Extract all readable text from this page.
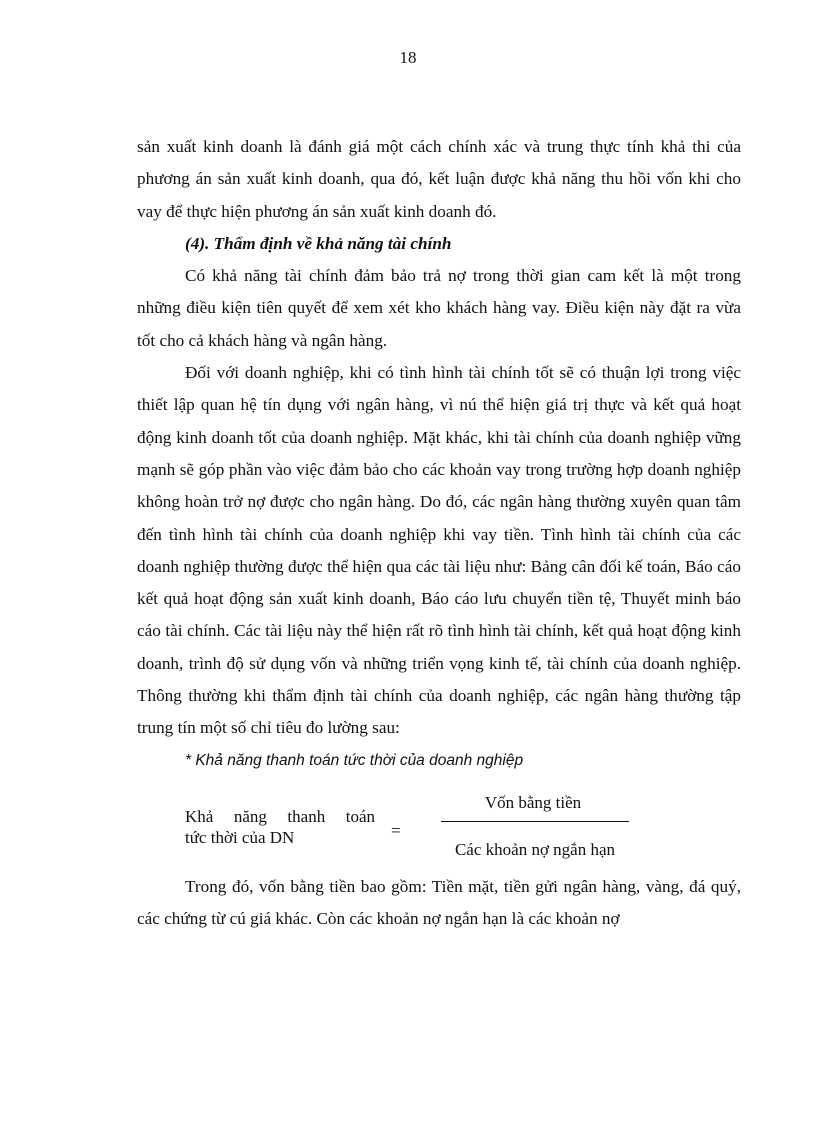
18

sản xuất kinh doanh là đánh giá một cách chính xác và trung thực tính khả thi của phương án sản xuất kinh doanh, qua đó, kết luận được khả năng thu hồi vốn khi cho vay để thực hiện phương án sản xuất kinh doanh đó.

(4). Thẩm định về khả năng tài chính

Có khả năng tài chính đảm bảo trả nợ trong thời gian cam kết là một trong những điều kiện tiên quyết để xem xét kho khách hàng vay. Điều kiện này đặt ra vừa tốt cho cả khách hàng và ngân hàng.

Đối với doanh nghiệp, khi có tình hình tài chính tốt sẽ có thuận lợi trong việc thiết lập quan hệ tín dụng với ngân hàng, vì nú thể hiện giá trị thực và kết quả hoạt động kinh doanh tốt của doanh nghiệp. Mặt khác, khi tài chính của doanh nghiệp vững mạnh sẽ góp phần vào việc đảm bảo cho các khoản vay trong trường hợp doanh nghiệp không hoàn trở nợ được cho ngân hàng. Do đó, các ngân hàng thường xuyên quan tâm đến tình hình tài chính của doanh nghiệp khi vay tiền. Tình hình tài chính của các doanh nghiệp thường được thể hiện qua các tài liệu như: Bảng cân đối kế toán, Báo cáo kết quả hoạt động sản xuất kinh doanh, Báo cáo lưu chuyển tiền tệ, Thuyết minh báo cáo tài chính. Các tài liệu này thể hiện rất rõ tình hình tài chính, kết quả hoạt động kinh doanh, trình độ sử dụng vốn và những triển vọng kinh tế, tài chính của doanh nghiệp. Thông thường khi thẩm định tài chính của doanh nghiệp, các ngân hàng thường tập trung tín một số chỉ tiêu đo lường sau:

* Khả năng thanh toán tức thời của doanh nghiệp

Khả năng thanh toán
tức thời của DN	=
Vốn bằng tiền
Các khoản nợ ngắn hạn

Trong đó, vốn bằng tiền bao gồm: Tiền mặt, tiền gửi ngân hàng, vàng, đá quý, các chứng từ cú giá khác. Còn các khoản nợ ngắn hạn là các khoản nợ
